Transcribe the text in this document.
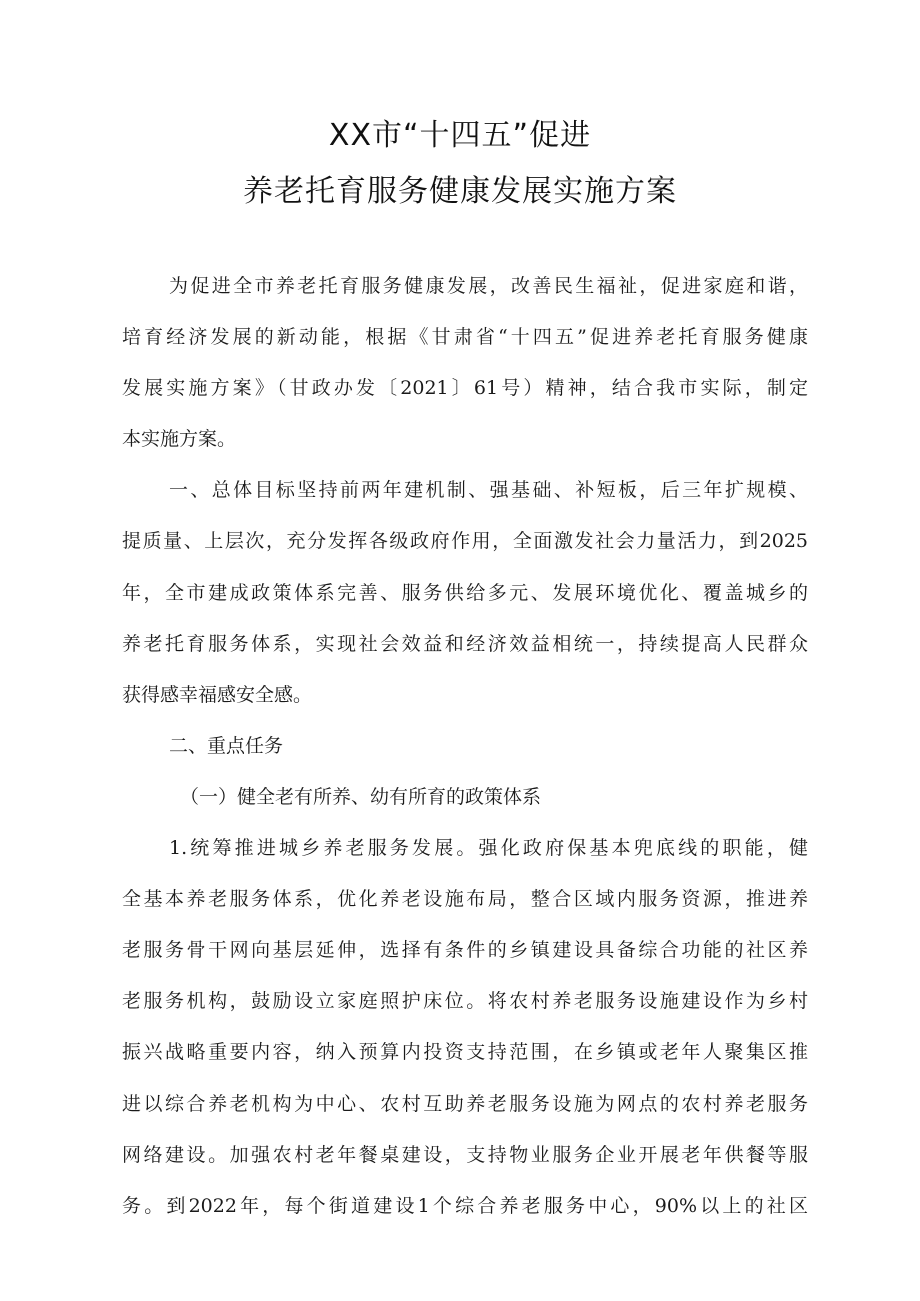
XX市“十四五”促进
养老托育服务健康发展实施方案
为促进全市养老托育服务健康发展，改善民生福祉，促进家庭和谐，
培育经济发展的新动能，根据《甘肃省“十四五”促进养老托育服务健康
发展实施方案》（甘政办发〔2021〕61号）精神，结合我市实际，制定
本实施方案。
一、总体目标坚持前两年建机制、强基础、补短板，后三年扩规模、
提质量、上层次，充分发挥各级政府作用，全面激发社会力量活力，到2025
年，全市建成政策体系完善、服务供给多元、发展环境优化、覆盖城乡的
养老托育服务体系，实现社会效益和经济效益相统一，持续提高人民群众
获得感幸福感安全感。
二、重点任务
（一）健全老有所养、幼有所育的政策体系
1.统筹推进城乡养老服务发展。强化政府保基本兜底线的职能，健
全基本养老服务体系，优化养老设施布局，整合区域内服务资源，推进养
老服务骨干网向基层延伸，选择有条件的乡镇建设具备综合功能的社区养
老服务机构，鼓励设立家庭照护床位。将农村养老服务设施建设作为乡村
振兴战略重要内容，纳入预算内投资支持范围，在乡镇或老年人聚集区推
进以综合养老机构为中心、农村互助养老服务设施为网点的农村养老服务
网络建设。加强农村老年餐桌建设，支持物业服务企业开展老年供餐等服
务。到2022年，每个街道建设1个综合养老服务中心，90%以上的社区
